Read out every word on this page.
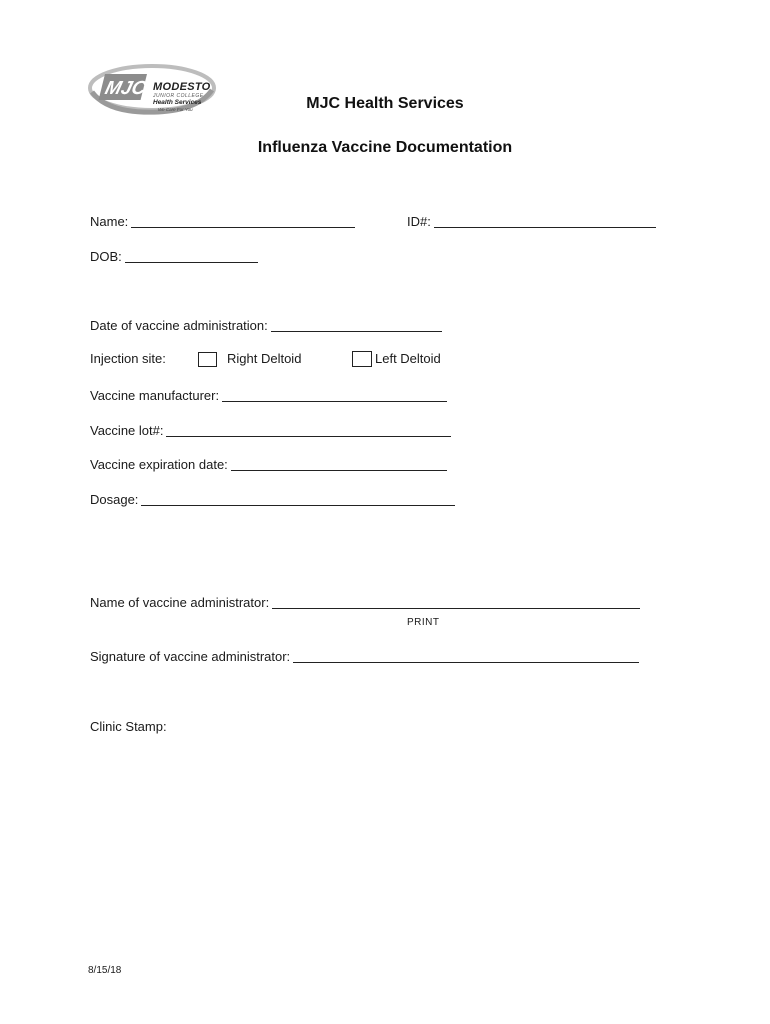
MJC MODESTO
JUNIOR COLLEGE
Health Services
We Care For You	MJC Health Services
Influenza Vaccine Documentation
Name:	ID#:
DOB:
Date of vaccine administration:
Injection site:	Right Deltoid	Left Deltoid
Vaccine manufacturer:
Vaccine lot#:
Vaccine expiration date:
Dosage:
Name of vaccine administrator:
PRINT
Signature of vaccine administrator:
Clinic Stamp:
8/15/18
